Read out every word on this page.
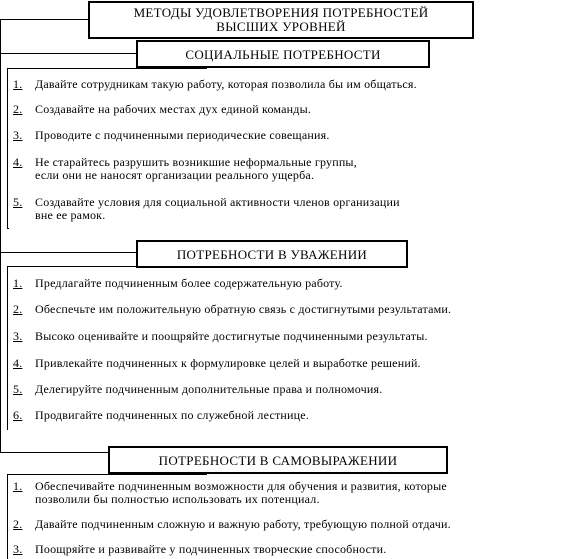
МЕТОДЫ УДОВЛЕТВОРЕНИЯ ПОТРЕБНОСТЕЙ
ВЫСШИХ УРОВНЕЙ
СОЦИАЛЬНЫЕ ПОТРЕБНОСТИ
1. Давайте сотрудникам такую работу, которая позволила бы им общаться.
2. Создавайте на рабочих местах дух единой команды.
3. Проводите с подчиненными периодические совещания.
4. Не старайтесь разрушить возникшие неформальные группы,
если они не наносят организации реального ущерба.
5. Создавайте условия для социальной активности членов организации
вне ее рамок.
ПОТРЕБНОСТИ В УВАЖЕНИИ
1. Предлагайте подчиненным более содержательную работу.
2. Обеспечьте им положительную обратную связь с достигнутыми результатами.
3. Высоко оценивайте и поощряйте достигнутые подчиненными результаты.
4. Привлекайте подчиненных к формулировке целей и выработке решений.
5. Делегируйте подчиненным дополнительные права и полномочия.
6. Продвигайте подчиненных по служебной лестнице.
ПОТРЕБНОСТИ В САМОВЫРАЖЕНИИ
1. Обеспечивайте подчиненным возможности для обучения и развития, которые
позволили бы полностью использовать их потенциал.
2. Давайте подчиненным сложную и важную работу, требующую полной отдачи.
3. Поощряйте и развивайте у подчиненных творческие способности.
